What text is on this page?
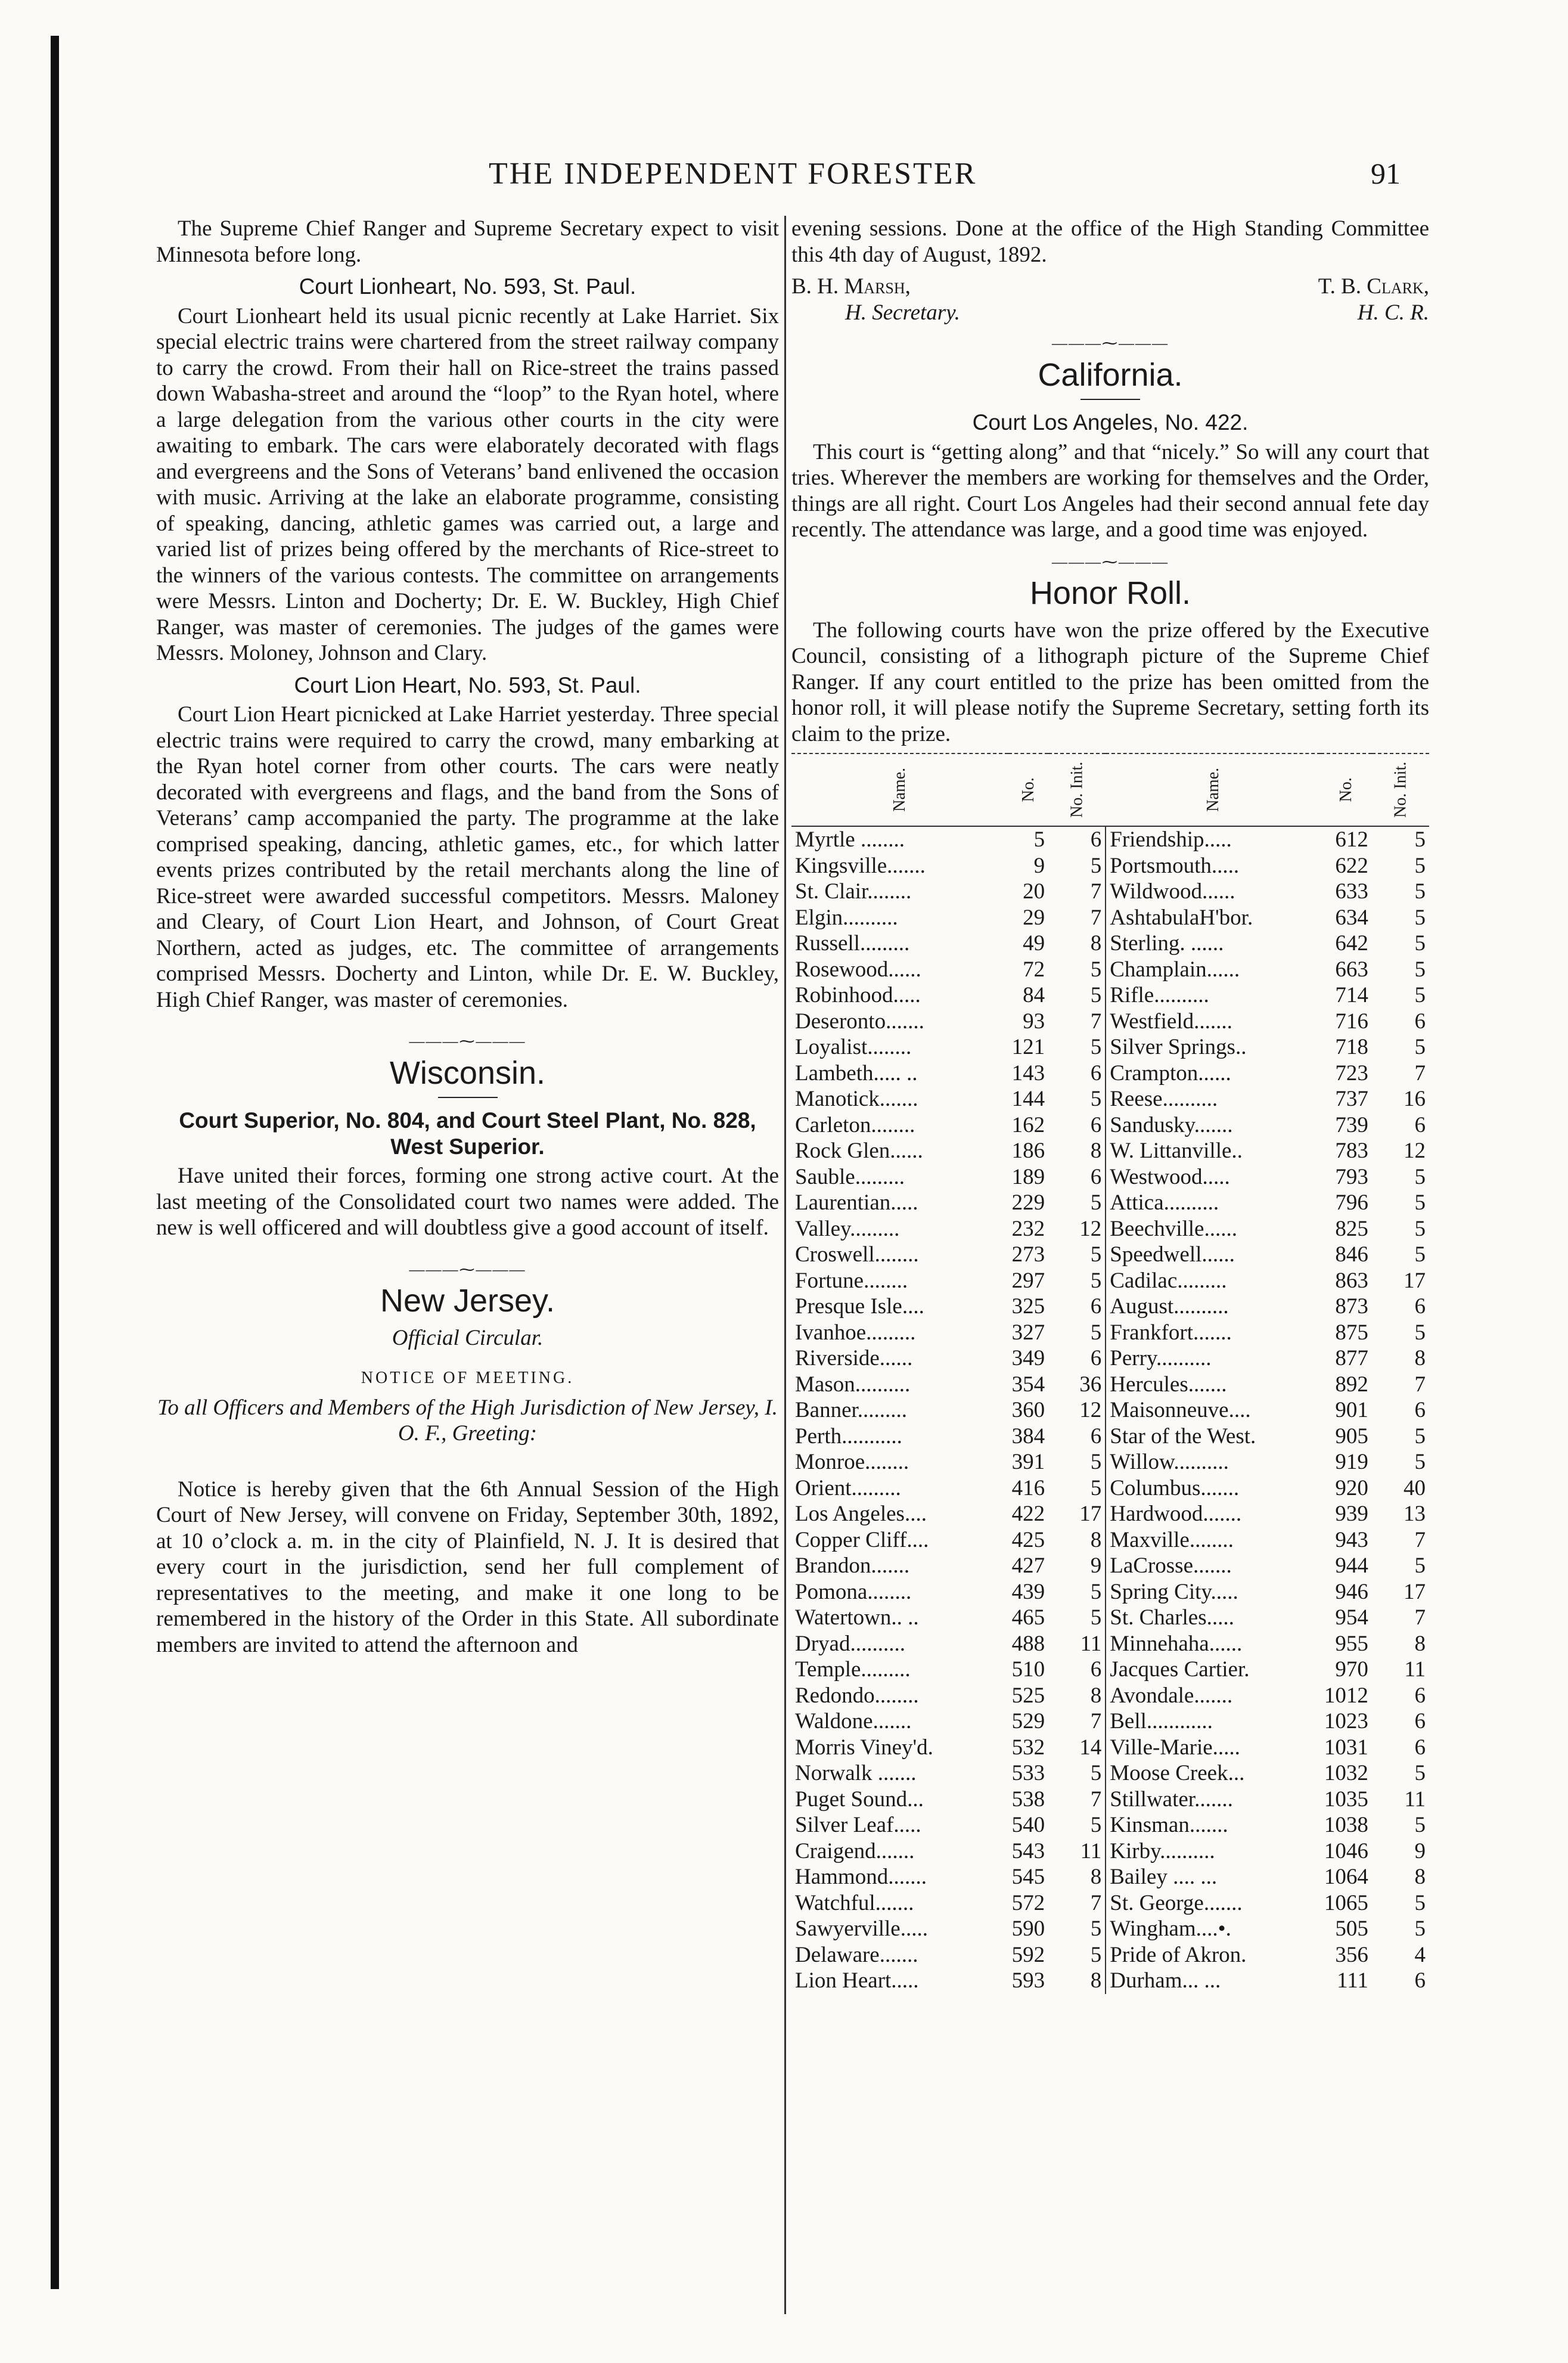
THE INDEPENDENT FORESTER	91

The Supreme Chief Ranger and Supreme Secretary expect to visit Minnesota before long.

Court Lionheart, No. 593, St. Paul.

Court Lionheart held its usual picnic recently at Lake Harriet. Six special electric trains were chartered from the street railway company to carry the crowd. From their hall on Rice-street the trains passed down Wabasha-street and around the “loop” to the Ryan hotel, where a large delegation from the various other courts in the city were awaiting to embark. The cars were elaborately decorated with flags and evergreens and the Sons of Veterans’ band enlivened the occasion with music. Arriving at the lake an elaborate programme, consisting of speaking, dancing, athletic games was carried out, a large and varied list of prizes being offered by the merchants of Rice-street to the winners of the various contests. The committee on arrangements were Messrs. Linton and Docherty; Dr. E. W. Buckley, High Chief Ranger, was master of ceremonies. The judges of the games were Messrs. Moloney, Johnson and Clary.

Court Lion Heart, No. 593, St. Paul.

Court Lion Heart picnicked at Lake Harriet yesterday. Three special electric trains were required to carry the crowd, many embarking at the Ryan hotel corner from other courts. The cars were neatly decorated with evergreens and flags, and the band from the Sons of Veterans’ camp accompanied the party. The programme at the lake comprised speaking, dancing, athletic games, etc., for which latter events prizes contributed by the retail merchants along the line of Rice-street were awarded successful competitors. Messrs. Maloney and Cleary, of Court Lion Heart, and Johnson, of Court Great Northern, acted as judges, etc. The committee of arrangements comprised Messrs. Docherty and Linton, while Dr. E. W. Buckley, High Chief Ranger, was master of ceremonies.

———⁓———
Wisconsin.
Court Superior, No. 804, and Court Steel Plant, No. 828, West Superior.

Have united their forces, forming one strong active court. At the last meeting of the Consolidated court two names were added. The new is well officered and will doubtless give a good account of itself.

———⁓———
New Jersey.
Official Circular.
NOTICE OF MEETING.
To all Officers and Members of the High Jurisdiction of New Jersey, I. O. F., Greeting:

Notice is hereby given that the 6th Annual Session of the High Court of New Jersey, will convene on Friday, September 30th, 1892, at 10 o’clock a. m. in the city of Plainfield, N. J. It is desired that every court in the jurisdiction, send her full complement of representatives to the meeting, and make it one long to be remembered in the history of the Order in this State. All subordinate members are invited to attend the afternoon and

evening sessions. Done at the office of the High Standing Committee this 4th day of August, 1892.

B. H. Marsh,
H. Secretary.
T. B. Clark,
H. C. R.
———⁓———
California.
Court Los Angeles, No. 422.

This court is “getting along” and that “nicely.” So will any court that tries. Wherever the members are working for themselves and the Order, things are all right. Court Los Angeles had their second annual fete day recently. The attendance was large, and a good time was enjoyed.

———⁓———
Honor Roll.

The following courts have won the prize offered by the Executive Council, consisting of a lithograph picture of the Supreme Chief Ranger. If any court entitled to the prize has been omitted from the honor roll, it will please notify the Supreme Secretary, setting forth its claim to the prize.

Name.	No.	No. Init.	Name.	No.	No. Init.
Myrtle ........	5	6	Friendship.....	612	5
Kingsville.......	9	5	Portsmouth.....	622	5
St. Clair........	20	7	Wildwood......	633	5
Elgin..........	29	7	AshtabulaH'bor.	634	5
Russell.........	49	8	Sterling. ......	642	5
Rosewood......	72	5	Champlain......	663	5
Robinhood.....	84	5	Rifle..........	714	5
Deseronto.......	93	7	Westfield.......	716	6
Loyalist........	121	5	Silver Springs..	718	5
Lambeth..... ..	143	6	Crampton......	723	7
Manotick.......	144	5	Reese..........	737	16
Carleton........	162	6	Sandusky.......	739	6
Rock Glen......	186	8	W. Littanville..	783	12
Sauble.........	189	6	Westwood.....	793	5
Laurentian.....	229	5	Attica..........	796	5
Valley.........	232	12	Beechville......	825	5
Croswell........	273	5	Speedwell......	846	5
Fortune........	297	5	Cadilac.........	863	17
Presque Isle....	325	6	August..........	873	6
Ivanhoe.........	327	5	Frankfort.......	875	5
Riverside......	349	6	Perry..........	877	8
Mason..........	354	36	Hercules.......	892	7
Banner.........	360	12	Maisonneuve....	901	6
Perth...........	384	6	Star of the West.	905	5
Monroe........	391	5	Willow..........	919	5
Orient.........	416	5	Columbus.......	920	40
Los Angeles....	422	17	Hardwood.......	939	13
Copper Cliff....	425	8	Maxville........	943	7
Brandon.......	427	9	LaCrosse.......	944	5
Pomona........	439	5	Spring City.....	946	17
Watertown.. ..	465	5	St. Charles.....	954	7
Dryad..........	488	11	Minnehaha......	955	8
Temple.........	510	6	Jacques Cartier.	970	11
Redondo........	525	8	Avondale.......	1012	6
Waldone.......	529	7	Bell............	1023	6
Morris Viney'd.	532	14	Ville-Marie.....	1031	6
Norwalk .......	533	5	Moose Creek...	1032	5
Puget Sound...	538	7	Stillwater.......	1035	11
Silver Leaf.....	540	5	Kinsman.......	1038	5
Craigend.......	543	11	Kirby..........	1046	9
Hammond.......	545	8	Bailey .... ...	1064	8
Watchful.......	572	7	St. George.......	1065	5
Sawyerville.....	590	5	Wingham....•.	505	5
Delaware.......	592	5	Pride of Akron.	356	4
Lion Heart.....	593	8	Durham... ...	111	6
